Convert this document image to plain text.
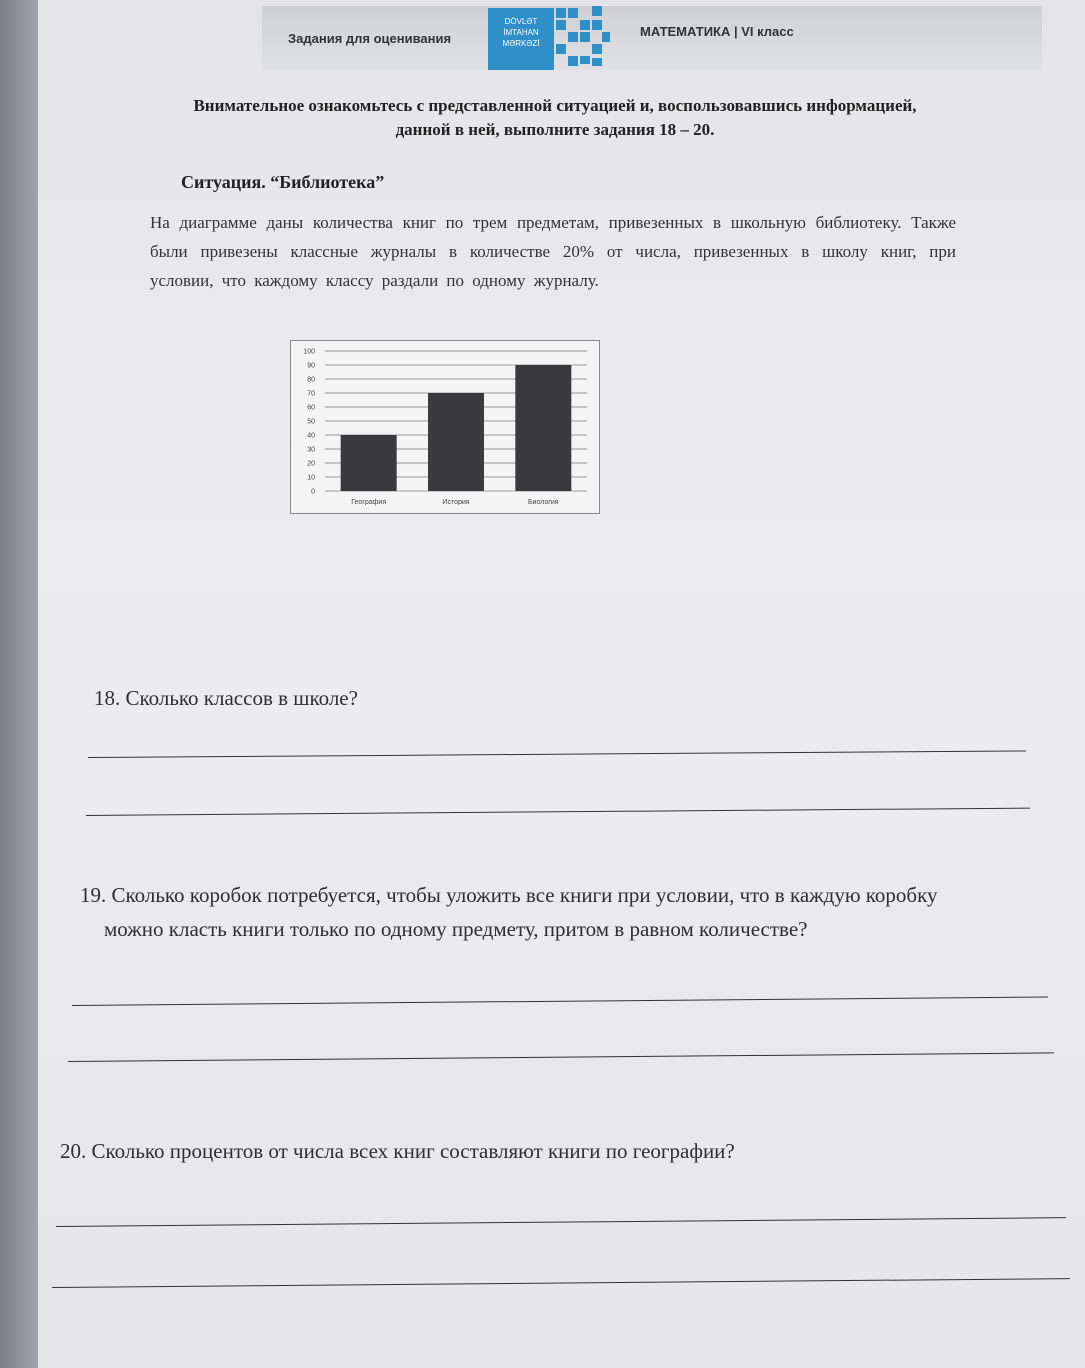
Задания для оценивания
DÖVLƏT
İMTAHAN
MƏRKƏZİ
МАТЕМАТИКА | VI класс
Внимательное ознакомьтесь с представленной ситуацией и, воспользовавшись информацией, данной в ней, выполните задания 18 – 20.
Ситуация. “Библиотека”
На диаграмме даны количества книг по трем предметам, привезенных в школьную библиотеку. Также были привезены классные журналы в количестве 20% от числа, привезенных в школу книг, при условии, что каждому классу раздали по одному журналу.
100
90
80
70
60
50
40
30
20
10
0
География	История	Биология
18. Сколько классов в школе?
19. Сколько коробок потребуется, чтобы уложить все книги при условии, что в каждую коробку
можно класть книги только по одному предмету, притом в равном количестве?
20. Сколько процентов от числа всех книг составляют книги по географии?
